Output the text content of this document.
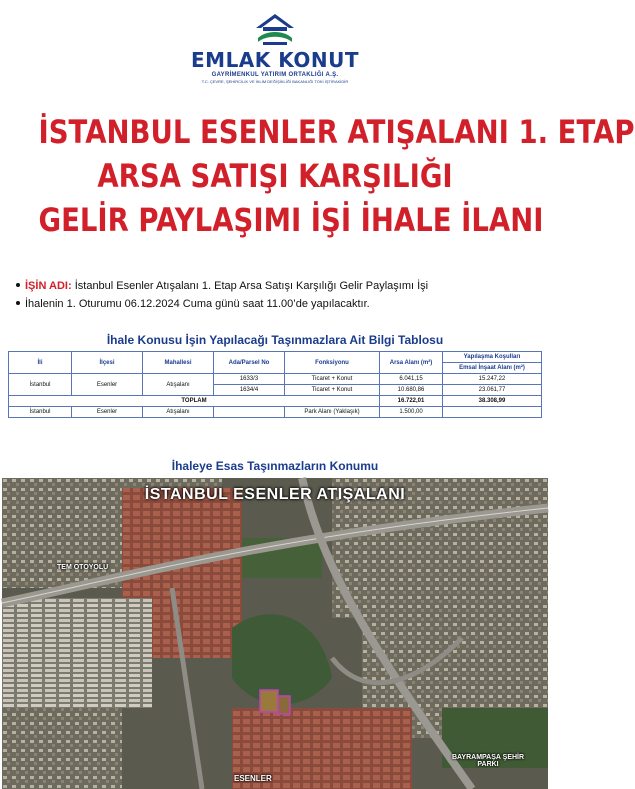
EMLAK KONUT
GAYRİMENKUL YATIRIM ORTAKLIĞI A.Ş.
T.C. ÇEVRE, ŞEHİRCİLİK VE İKLİM DEĞİŞİKLİĞİ BAKANLIĞI TOKİ İŞTİRAKİDİR
İSTANBUL ESENLER ATIŞALANI 1. ETAP
ARSA SATIŞI KARŞILIĞI
GELİR PAYLAŞIMI İŞİ İHALE İLANI
İŞİN ADI: İstanbul Esenler Atışalanı 1. Etap Arsa Satışı Karşılığı Gelir Paylaşımı İşi
İhalenin 1. Oturumu 06.12.2024 Cuma günü saat 11.00’de yapılacaktır.
İhale Konusu İşin Yapılacağı Taşınmazlara Ait Bilgi Tablosu
İli	İlçesi	Mahallesi	Ada/Parsel No	Fonksiyonu	Arsa Alanı (m²)	Yapılaşma Koşulları
						Emsal İnşaat Alanı (m²)
İstanbul	Esenler	Atışalanı	1633/3	Ticaret + Konut	6.041,15	15.247,22
			1634/4	Ticaret + Konut	10.680,86	23.061,77
TOPLAM					16.722,01	38.308,99
İstanbul	Esenler	Atışalanı		Park Alanı (Yaklaşık)	1.500,00	
İhaleye Esas Taşınmazların Konumu
İSTANBUL ESENLER ATIŞALANI
TEM OTOYOLU
BAYRAMPAŞA ŞEHİR PARKI
ESENLER
